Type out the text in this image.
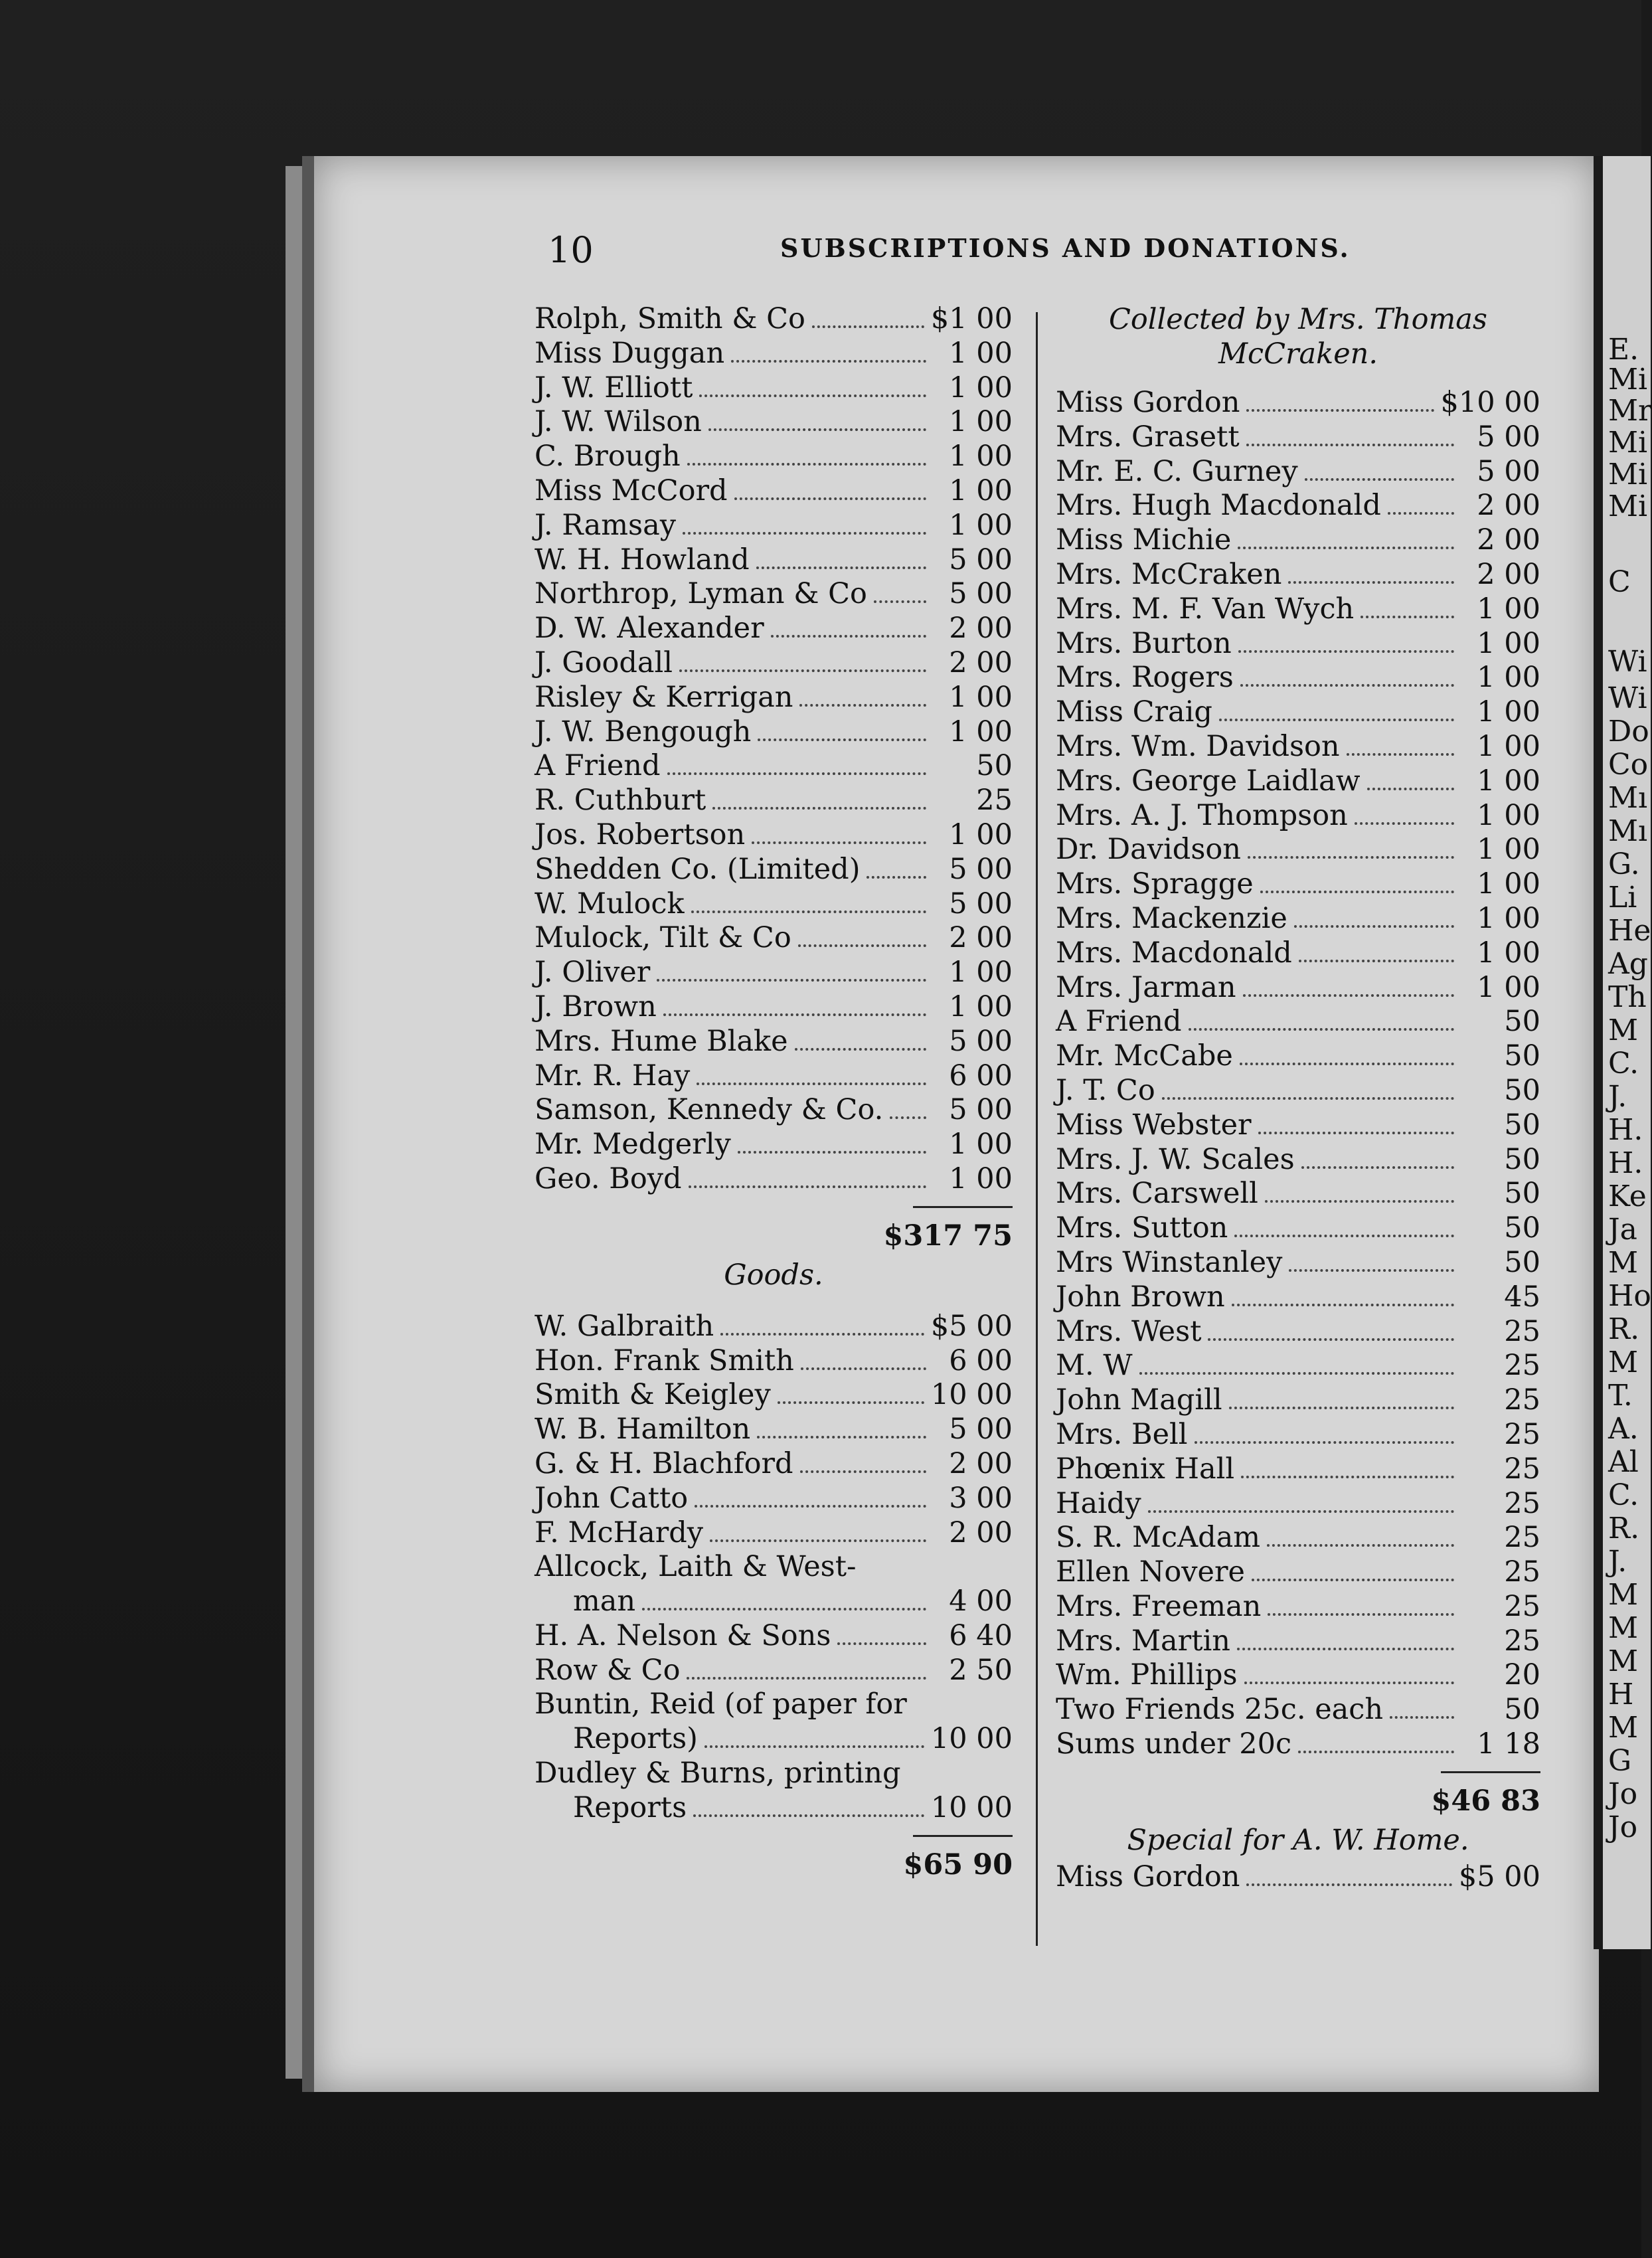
10	SUBSCRIPTIONS AND DONATIONS.
Rolph, Smith & Co	$1 00
Miss Duggan	1 00
J. W. Elliott	1 00
J. W. Wilson	1 00
C. Brough	1 00
Miss McCord	1 00
J. Ramsay	1 00
W. H. Howland	5 00
Northrop, Lyman & Co	5 00
D. W. Alexander	2 00
J. Goodall	2 00
Risley & Kerrigan	1 00
J. W. Bengough	1 00
A Friend	50
R. Cuthburt	25
Jos. Robertson	1 00
Shedden Co. (Limited)	5 00
W. Mulock	5 00
Mulock, Tilt & Co	2 00
J. Oliver	1 00
J. Brown	1 00
Mrs. Hume Blake	5 00
Mr. R. Hay	6 00
Samson, Kennedy & Co.	5 00
Mr. Medgerly	1 00
Geo. Boyd	1 00
$317 75
Goods.
W. Galbraith	$5 00
Hon. Frank Smith	6 00
Smith & Keigley	10 00
W. B. Hamilton	5 00
G. & H. Blachford	2 00
John Catto	3 00
F. McHardy	2 00
Allcock, Laith & West-
man	4 00
H. A. Nelson & Sons	6 40
Row & Co	2 50
Buntin, Reid (of paper for
Reports)	10 00
Dudley & Burns, printing
Reports	10 00
$65 90
Collected by Mrs. Thomas
McCraken.
Miss Gordon	$10 00
Mrs. Grasett	5 00
Mr. E. C. Gurney	5 00
Mrs. Hugh Macdonald	2 00
Miss Michie	2 00
Mrs. McCraken	2 00
Mrs. M. F. Van Wych	1 00
Mrs. Burton	1 00
Mrs. Rogers	1 00
Miss Craig	1 00
Mrs. Wm. Davidson	1 00
Mrs. George Laidlaw	1 00
Mrs. A. J. Thompson	1 00
Dr. Davidson	1 00
Mrs. Spragge	1 00
Mrs. Mackenzie	1 00
Mrs. Macdonald	1 00
Mrs. Jarman	1 00
A Friend	50
Mr. McCabe	50
J. T. Co	50
Miss Webster	50
Mrs. J. W. Scales	50
Mrs. Carswell	50
Mrs. Sutton	50
Mrs Winstanley	50
John Brown	45
Mrs. West	25
M. W	25
John Magill	25
Mrs. Bell	25
Phœnix Hall	25
Haidy	25
S. R. McAdam	25
Ellen Novere	25
Mrs. Freeman	25
Mrs. Martin	25
Wm. Phillips	20
Two Friends 25c. each	50
Sums under 20c	1 18
$46 83
Special for A. W. Home.
Miss Gordon	$5 00
E.
Mi
Mr
Mi
Mi
Mi
C
Wi
Wi
Do
Co
Mı
Mı
G.
Li
He
Ag
Th
M
C.
J.
H.
H.
Ke
Ja
M
Ho
R.
M
T.
A.
Al
C.
R.
J.
M
M
M
H
M
G
Jo
Jo
